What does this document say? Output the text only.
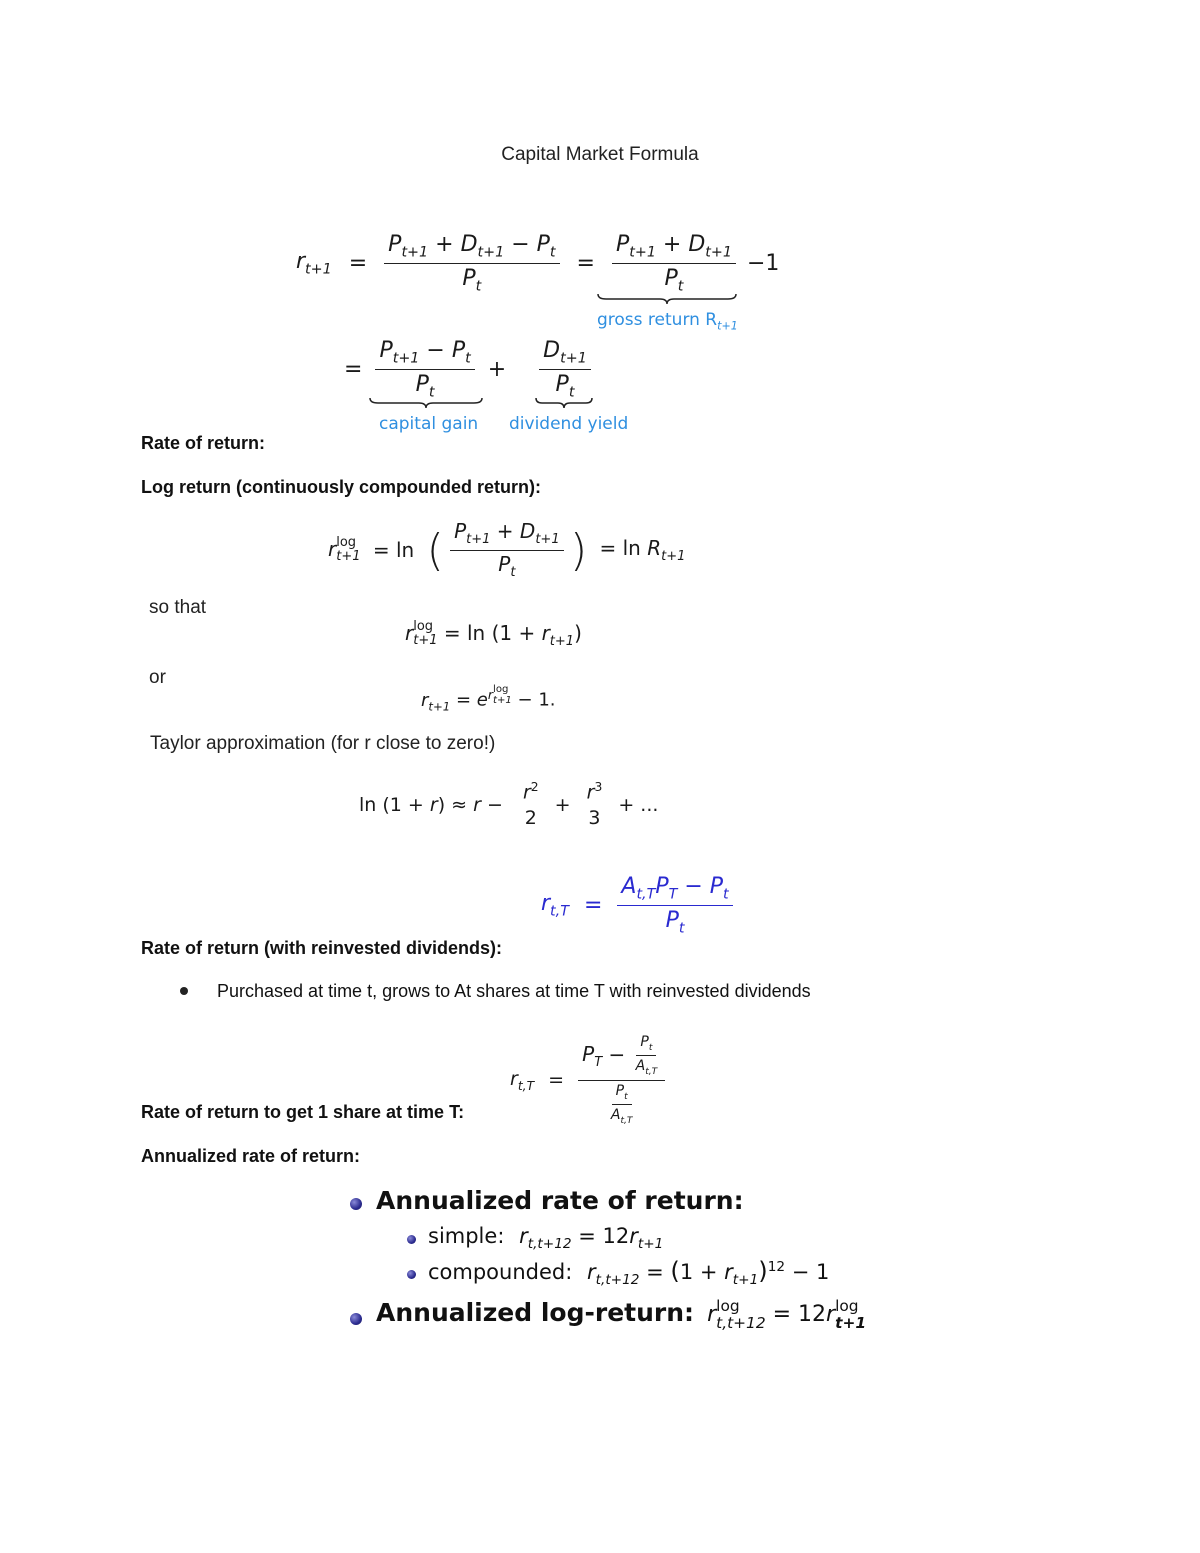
Capital Market Formula
$r_{t+1} = \frac{P_{t+1} + D_{t+1} - P_t}{P_t} = \frac{P_{t+1} + D_{t+1}}{P_t} -1$
gross return $R_{t+1}$
= $\frac{P_{t+1} - P_t}{P_t} + \frac{D_{t+1}}{P_t}$
capital gain dividend yield
Rate of return:
Log return (continuously compounded return):
r log
t+1 = ln ( $\frac{P_{t+1} + D_{t+1}}{P_t}$ ) = $\ln R_{t+1}$
so that
r log
$t+1 = \ln (1 + r_{t+1})$
or
$r_{t+1} = e^{r log t+1} - 1$.
Taylor approximation (for r close to zero!)
ln (1 + r) ≈ r −
$r^2$
2
+
$r^3$
3
+ ...
$r_{t,T} = \frac{A_{t,T}P_T - P_t}{P_t}$
Rate of return (with reinvested dividends):
Purchased at time t, grows to At shares at time T with reinvested dividends
$r_{t,T} = \frac{P_T - \frac{P_t}{A_{t,T}}}{\frac{P_t}{A_{t,T}}}$
Rate of return to get 1 share at time T:
Annualized rate of return:
Annualized rate of return:
simple: $r_{t,t+12} = 12r_{t+1}$
compounded: $r_{t,t+12} = (1 + r_{t+1})^{12} - 1$
Annualized log-return: r log
t,t+12 = 12r log
t+1
